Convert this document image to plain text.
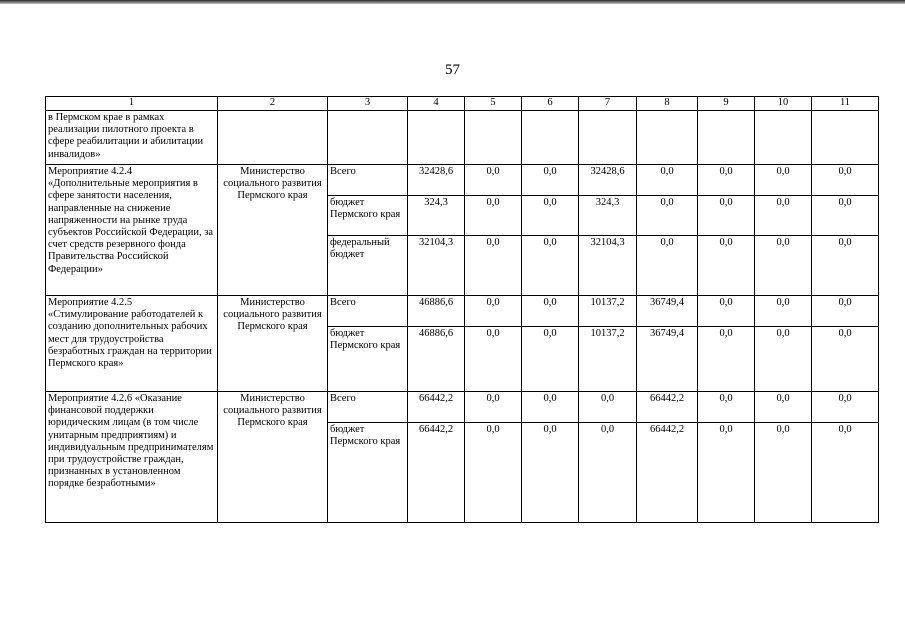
57
1	2	3	4	5	6	7	8	9	10	11
в Пермском крае в рамках реализации пилотного проекта в сфере реабилитации и абилитации инвалидов»										
Мероприятие 4.2.4 «Дополнительные мероприятия в сфере занятости населения, направленные на снижение напряженности на рынке труда субъектов Российской Федерации, за счет средств резервного фонда Правительства Российской Федерации»	Министерство социального развития Пермского края	Всего	32428,6	0,0	0,0	32428,6	0,0	0,0	0,0	0,0
		бюджет Пермского края	324,3	0,0	0,0	324,3	0,0	0,0	0,0	0,0
		федеральный бюджет	32104,3	0,0	0,0	32104,3	0,0	0,0	0,0	0,0
Мероприятие 4.2.5 «Стимулирование работодателей к созданию дополнительных рабочих мест для трудоустройства безработных граждан на территории Пермского края»	Министерство социального развития Пермского края	Всего	46886,6	0,0	0,0	10137,2	36749,4	0,0	0,0	0,0
		бюджет Пермского края	46886,6	0,0	0,0	10137,2	36749,4	0,0	0,0	0,0
Мероприятие 4.2.6 «Оказание финансовой поддержки юридическим лицам (в том числе унитарным предприятиям) и индивидуальным предпринимателям при трудоустройстве граждан, признанных в установленном порядке безработными»	Министерство социального развития Пермского края	Всего	66442,2	0,0	0,0	0,0	66442,2	0,0	0,0	0,0
		бюджет Пермского края	66442,2	0,0	0,0	0,0	66442,2	0,0	0,0	0,0
